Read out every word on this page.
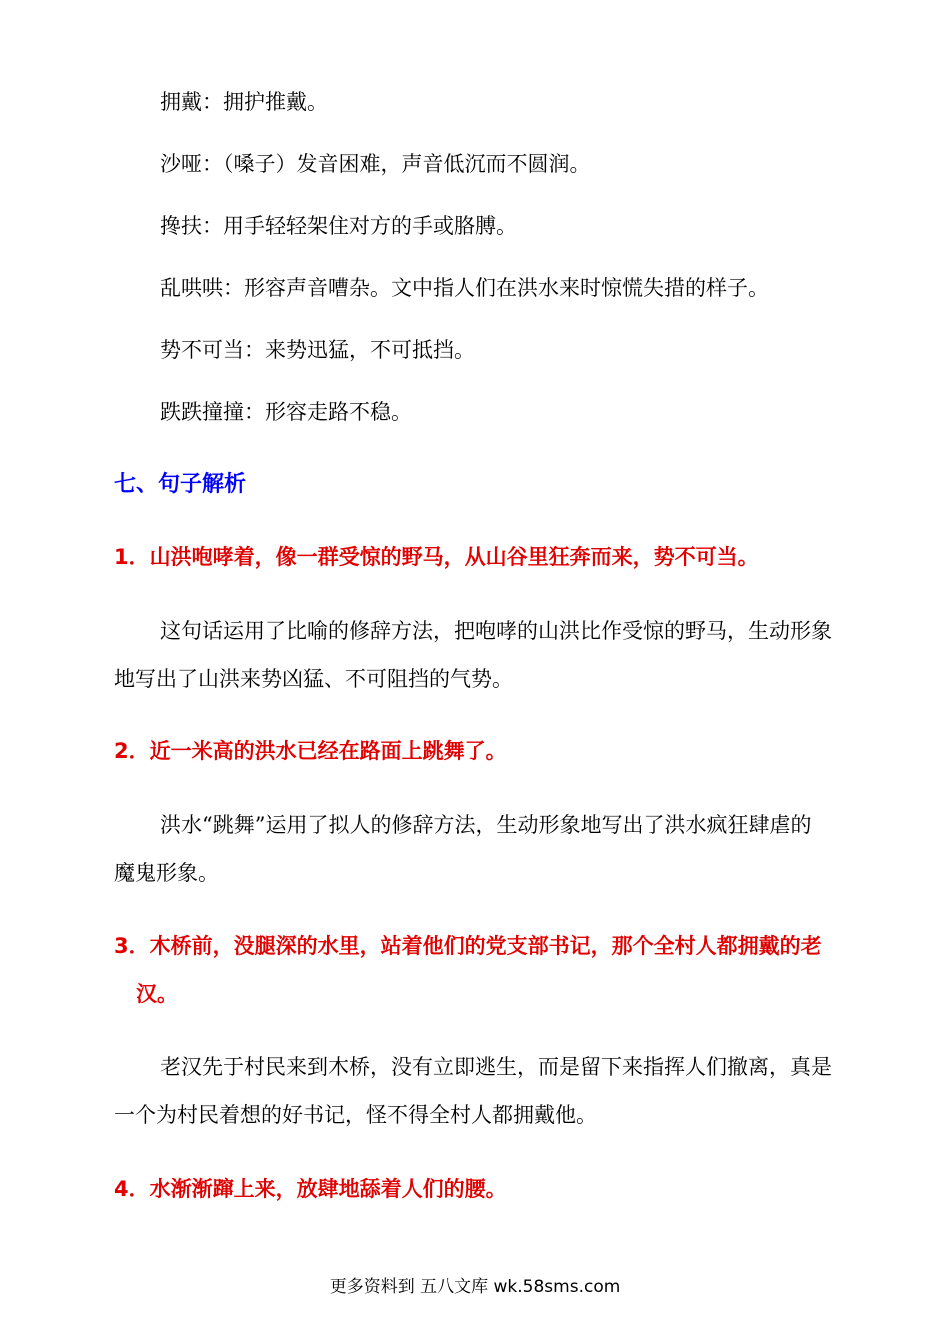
拥戴：拥护推戴。
沙哑：（嗓子）发音困难，声音低沉而不圆润。
搀扶：用手轻轻架住对方的手或胳膊。
乱哄哄：形容声音嘈杂。文中指人们在洪水来时惊慌失措的样子。
势不可当：来势迅猛，不可抵挡。
跌跌撞撞：形容走路不稳。
七、句子解析
1．山洪咆哮着，像一群受惊的野马，从山谷里狂奔而来，势不可当。
这句话运用了比喻的修辞方法，把咆哮的山洪比作受惊的野马，生动形象
地写出了山洪来势凶猛、不可阻挡的气势。
2．近一米高的洪水已经在路面上跳舞了。
洪水“跳舞”运用了拟人的修辞方法，生动形象地写出了洪水疯狂肆虐的
魔鬼形象。
3．木桥前，没腿深的水里，站着他们的党支部书记，那个全村人都拥戴的老
汉。
老汉先于村民来到木桥，没有立即逃生，而是留下来指挥人们撤离，真是
一个为村民着想的好书记，怪不得全村人都拥戴他。
4．水渐渐蹿上来，放肆地舔着人们的腰。
更多资料到 五八文库 wk.58sms.com
